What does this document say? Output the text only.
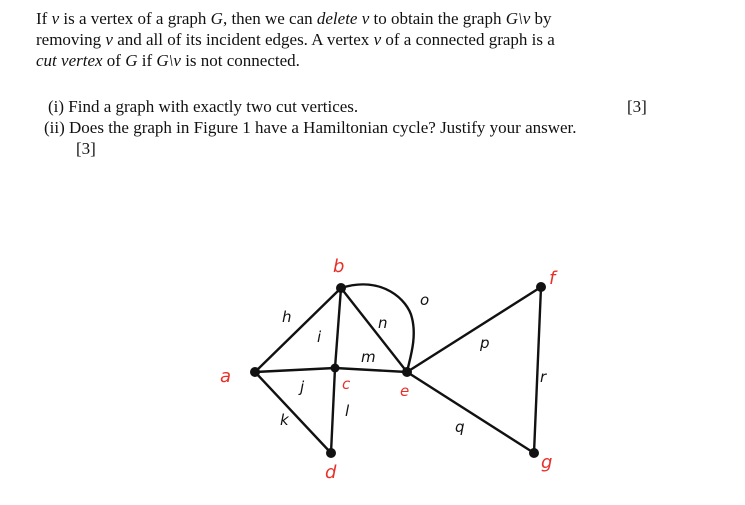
If v is a vertex of a graph G, then we can delete v to obtain the graph G\v by
removing v and all of its incident edges. A vertex v of a connected graph is a
cut vertex of G if G\v is not connected.
(i) Find a graph with exactly two cut vertices.	[3]
(ii) Does the graph in Figure 1 have a Hamiltonian cycle? Justify your answer.
[3]
a
b
c
d
e
f
g
h
i
j
k	l
m
n
o
p
q
r
